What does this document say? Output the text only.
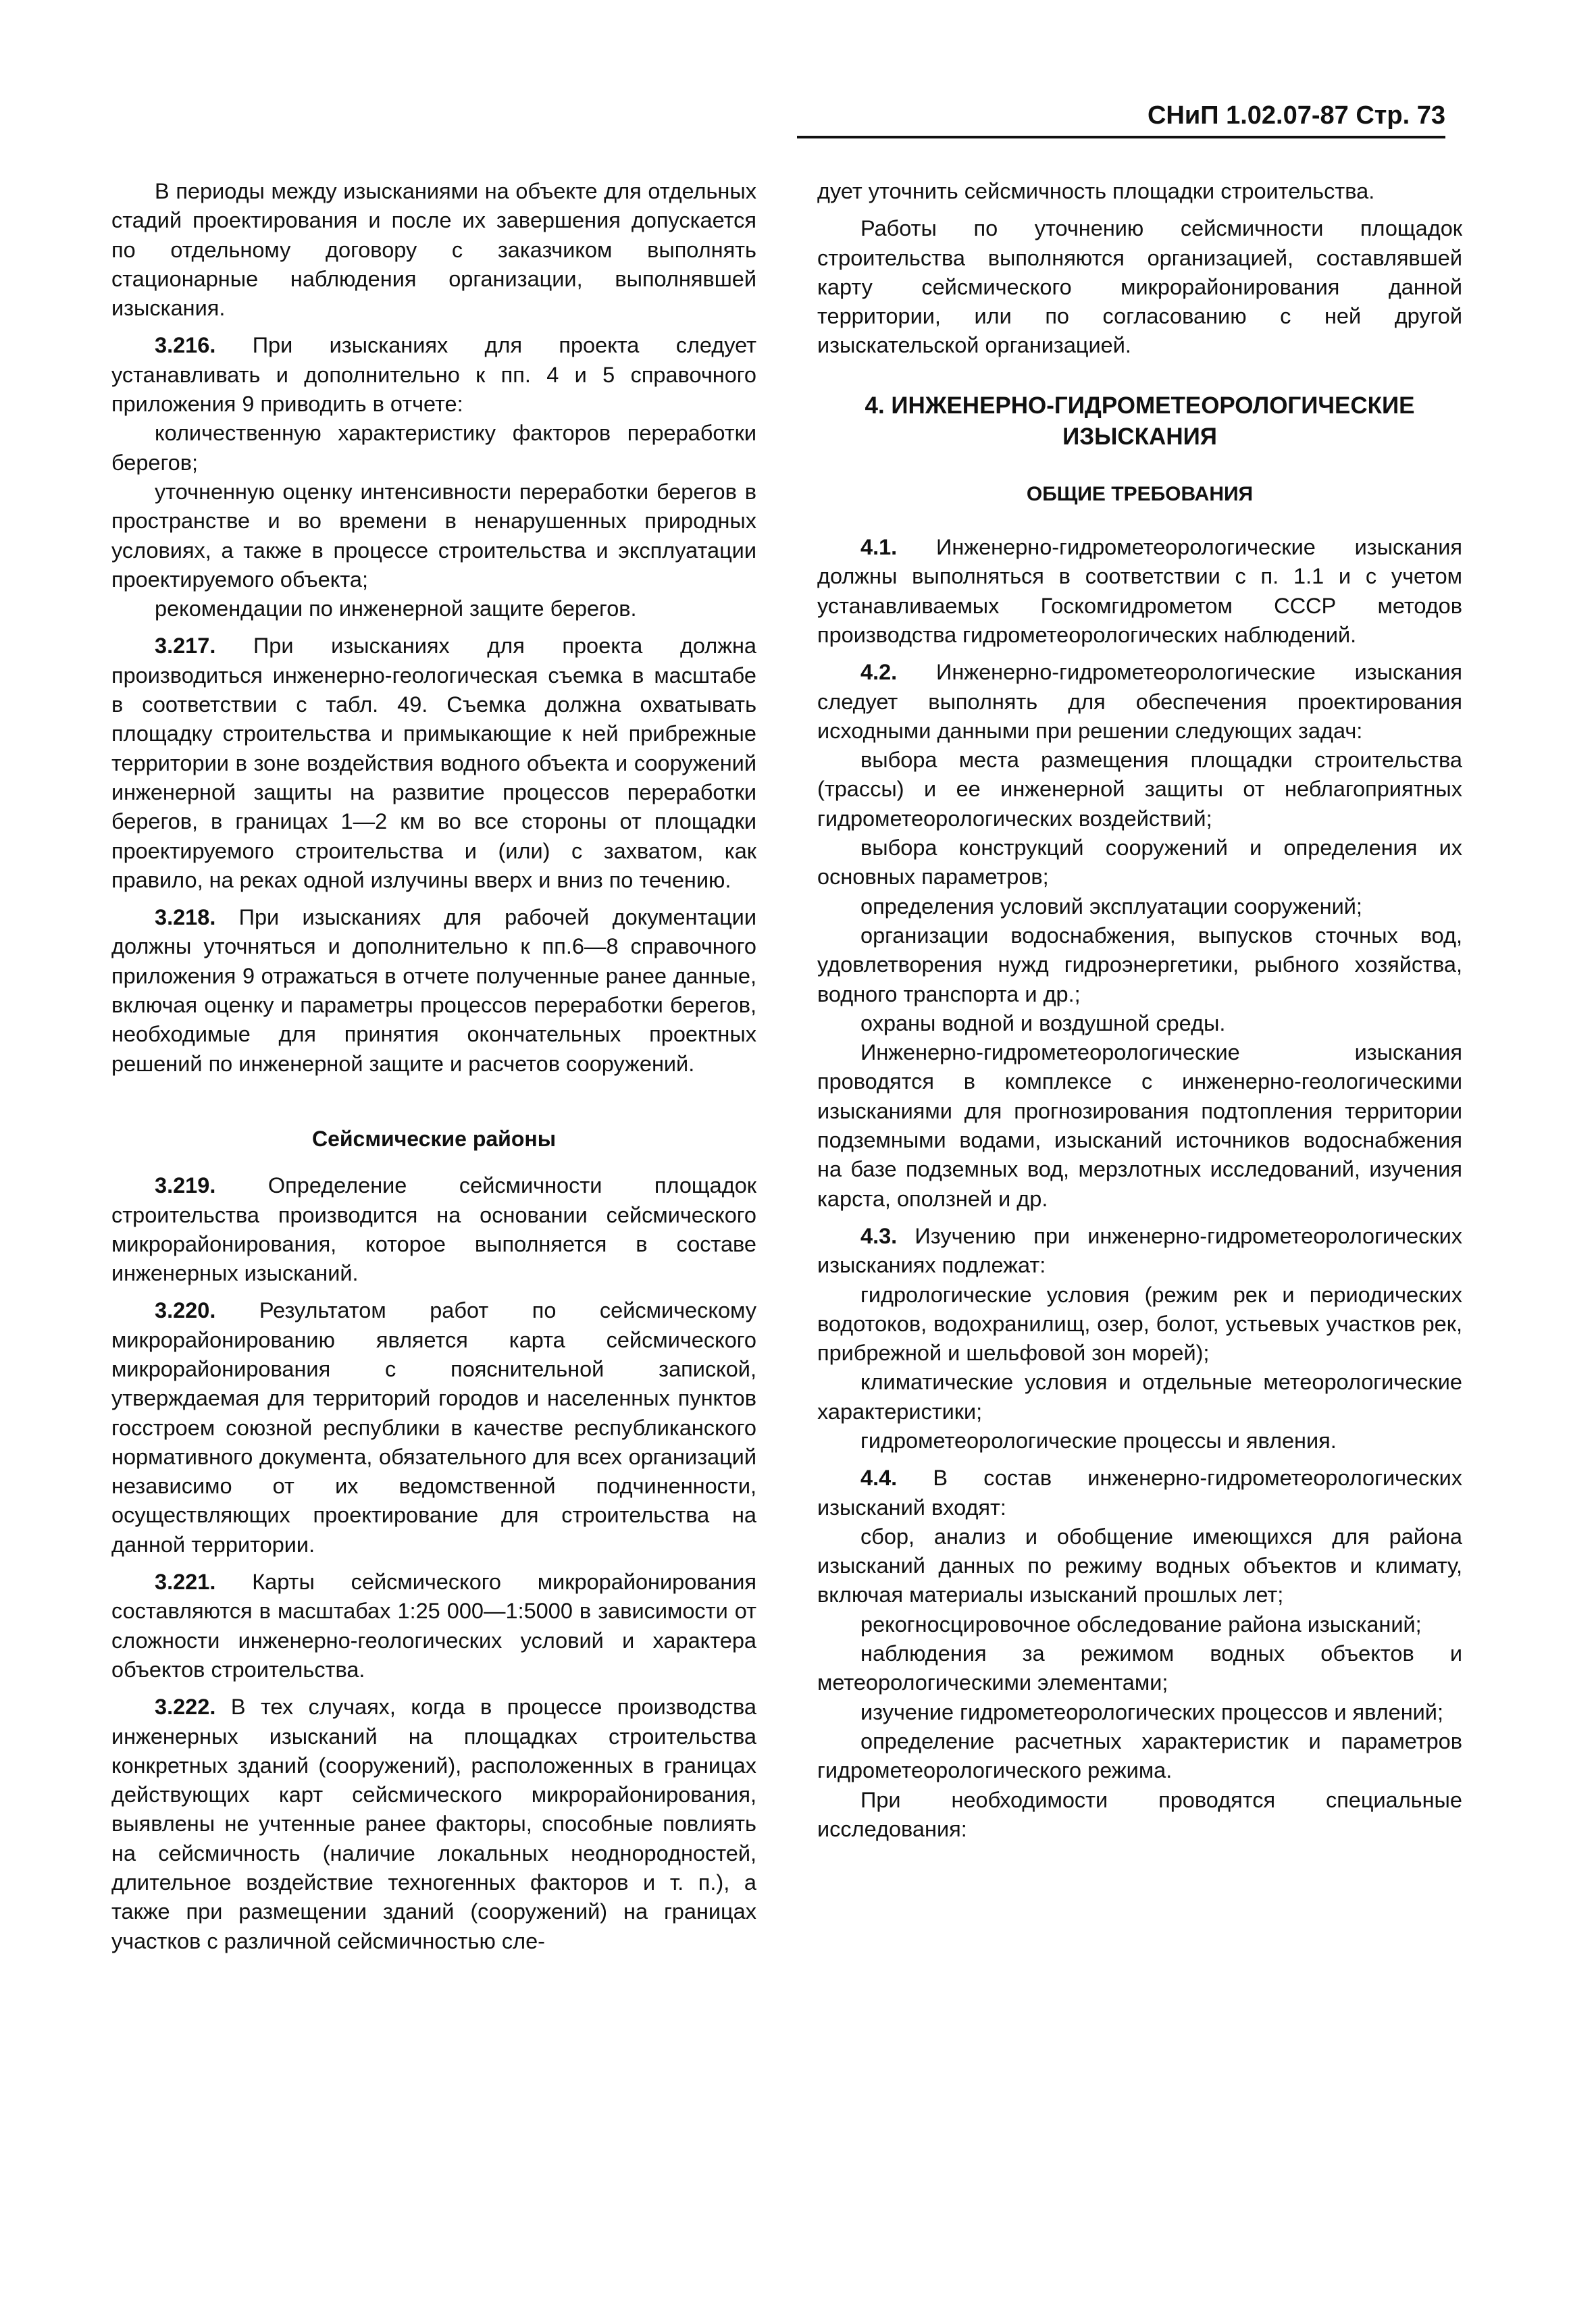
СНиП 1.02.07-87 Стр. 73

В периоды между изысканиями на объекте для отдельных стадий проектирования и после их завершения допускается по отдельному договору с заказчиком выполнять стационарные наблюдения организации, выполнявшей изыскания.

3.216. При изысканиях для проекта следует устанавливать и дополнительно к пп. 4 и 5 справочного приложения 9 приводить в отчете:

количественную характеристику факторов переработки берегов;

уточненную оценку интенсивности переработки берегов в пространстве и во времени в ненарушенных природных условиях, а также в процессе строительства и эксплуатации проектируемого объекта;

рекомендации по инженерной защите берегов.

3.217. При изысканиях для проекта должна производиться инженерно-геологическая съемка в масштабе в соответствии с табл. 49. Съемка должна охватывать площадку строительства и примыкающие к ней прибрежные территории в зоне воздействия водного объекта и сооружений инженерной защиты на развитие процессов переработки берегов, в границах 1—2 км во все стороны от площадки проектируемого строительства и (или) с захватом, как правило, на реках одной излучины вверх и вниз по течению.

3.218. При изысканиях для рабочей документации должны уточняться и дополнительно к пп.6—8 справочного приложения 9 отражаться в отчете полученные ранее данные, включая оценку и параметры процессов переработки берегов, необходимые для принятия окончательных проектных решений по инженерной защите и расчетов сооружений.

Сейсмические районы

3.219. Определение сейсмичности площадок строительства производится на основании сейсмического микрорайонирования, которое выполняется в составе инженерных изысканий.

3.220. Результатом работ по сейсмическому микрорайонированию является карта сейсмического микрорайонирования с пояснительной запиской, утверждаемая для территорий городов и населенных пунктов госстроем союзной республики в качестве республиканского нормативного документа, обязательного для всех организаций независимо от их ведомственной подчиненности, осуществляющих проектирование для строительства на данной территории.

3.221. Карты сейсмического микрорайонирования составляются в масштабах 1:25 000—1:5000 в зависимости от сложности инженерно-геологических условий и характера объектов строительства.

3.222. В тех случаях, когда в процессе производства инженерных изысканий на площадках строительства конкретных зданий (сооружений), расположенных в границах действующих карт сейсмического микрорайонирования, выявлены не учтенные ранее факторы, способные повлиять на сейсмичность (наличие локальных неоднородностей, длительное воздействие техногенных факторов и т. п.), а также при размещении зданий (сооружений) на границах участков с различной сейсмичностью сле-

дует уточнить сейсмичность площадки строительства.

Работы по уточнению сейсмичности площадок строительства выполняются организацией, составлявшей карту сейсмического микрорайонирования данной территории, или по согласованию с ней другой изыскательской организацией.

4. ИНЖЕНЕРНО-ГИДРОМЕТЕОРОЛОГИЧЕСКИЕ ИЗЫСКАНИЯ
ОБЩИЕ ТРЕБОВАНИЯ

4.1. Инженерно-гидрометеорологические изыскания должны выполняться в соответствии с п. 1.1 и с учетом устанавливаемых Госкомгидрометом СССР методов производства гидрометеорологических наблюдений.

4.2. Инженерно-гидрометеорологические изыскания следует выполнять для обеспечения проектирования исходными данными при решении следующих задач:

выбора места размещения площадки строительства (трассы) и ее инженерной защиты от неблагоприятных гидрометеорологических воздействий;

выбора конструкций сооружений и определения их основных параметров;

определения условий эксплуатации сооружений;

организации водоснабжения, выпусков сточных вод, удовлетворения нужд гидроэнергетики, рыбного хозяйства, водного транспорта и др.;

охраны водной и воздушной среды.

Инженерно-гидрометеорологические изыскания проводятся в комплексе с инженерно-геологическими изысканиями для прогнозирования подтопления территории подземными водами, изысканий источников водоснабжения на базе подземных вод, мерзлотных исследований, изучения карста, оползней и др.

4.3. Изучению при инженерно-гидрометеорологических изысканиях подлежат:

гидрологические условия (режим рек и периодических водотоков, водохранилищ, озер, болот, устьевых участков рек, прибрежной и шельфовой зон морей);

климатические условия и отдельные метеорологические характеристики;

гидрометеорологические процессы и явления.

4.4. В состав инженерно-гидрометеорологических изысканий входят:

сбор, анализ и обобщение имеющихся для района изысканий данных по режиму водных объектов и климату, включая материалы изысканий прошлых лет;

рекогносцировочное обследование района изысканий;

наблюдения за режимом водных объектов и метеорологическими элементами;

изучение гидрометеорологических процессов и явлений;

определение расчетных характеристик и параметров гидрометеорологического режима.

При необходимости проводятся специальные исследования:
